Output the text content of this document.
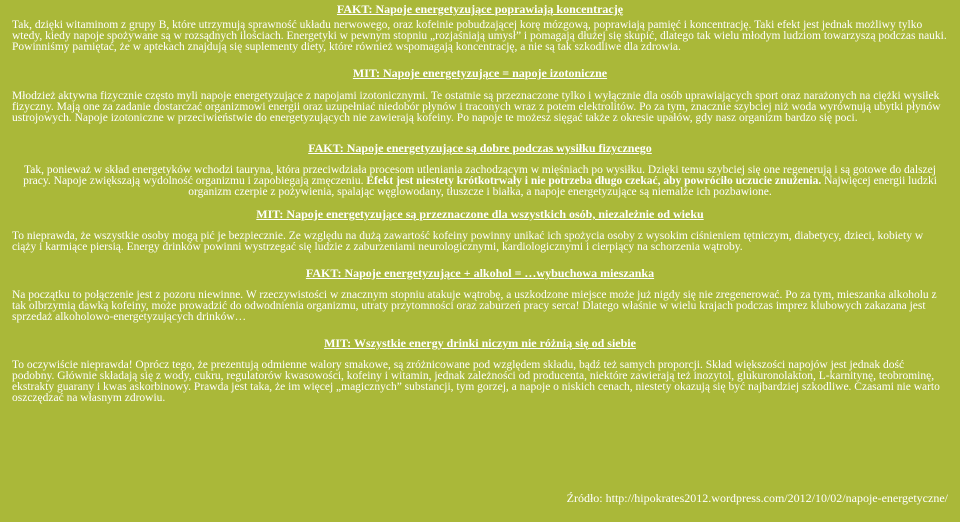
FAKT: Napoje energetyzujące poprawiają koncentrację

Tak, dzięki witaminom z grupy B, które utrzymują sprawność układu nerwowego, oraz kofeinie pobudzającej korę mózgową, poprawiają pamięć i koncentrację. Taki efekt jest jednak możliwy tylko wtedy, kiedy napoje spożywane są w rozsądnych ilościach. Energetyki w pewnym stopniu „rozjaśniają umysł” i pomagają dłużej się skupić, dlatego tak wielu młodym ludziom towarzyszą podczas nauki. Powinniśmy pamiętać, że w aptekach znajdują się suplementy diety, które również wspomagają koncentrację, a nie są tak szkodliwe dla zdrowia.

MIT: Napoje energetyzujące = napoje izotoniczne

Młodzież aktywna fizycznie często myli napoje energetyzujące z napojami izotonicznymi. Te ostatnie są przeznaczone tylko i wyłącznie dla osób uprawiających sport oraz narażonych na ciężki wysiłek fizyczny. Mają one za zadanie dostarczać organizmowi energii oraz uzupełniać niedobór płynów i traconych wraz z potem elektrolitów. Po za tym, znacznie szybciej niż woda wyrównują ubytki płynów ustrojowych. Napoje izotoniczne w przeciwieństwie do energetyzujących nie zawierają kofeiny. Po napoje te możesz sięgać także z okresie upałów, gdy nasz organizm bardzo się poci.

FAKT: Napoje energetyzujące są dobre podczas wysiłku fizycznego

Tak, ponieważ w skład energetyków wchodzi tauryna, która przeciwdziała procesom utleniania zachodzącym w mięśniach po wysiłku. Dzięki temu szybciej się one regenerują i są gotowe do dalszej pracy. Napoje zwiększają wydolność organizmu i zapobiegają zmęczeniu. Efekt jest niestety krótkotrwały i nie potrzeba długo czekać, aby powróciło uczucie znużenia. Najwięcej energii ludzki organizm czerpie z pożywienia, spalając węglowodany, tłuszcze i białka, a napoje energetyzujące są niemalże ich pozbawione.

MIT: Napoje energetyzujące są przeznaczone dla wszystkich osób, niezależnie od wieku

To nieprawda, że wszystkie osoby mogą pić je bezpiecznie. Ze względu na dużą zawartość kofeiny powinny unikać ich spożycia osoby z wysokim ciśnieniem tętniczym, diabetycy, dzieci, kobiety w ciąży i karmiące piersią. Energy drinków powinni wystrzegać się ludzie z zaburzeniami neurologicznymi, kardiologicznymi i cierpiący na schorzenia wątroby.

FAKT: Napoje energetyzujące + alkohol = …wybuchowa mieszanka

Na początku to połączenie jest z pozoru niewinne. W rzeczywistości w znacznym stopniu atakuje wątrobę, a uszkodzone miejsce może już nigdy się nie zregenerować. Po za tym, mieszanka alkoholu z tak olbrzymią dawką kofeiny, może prowadzić do odwodnienia organizmu, utraty przytomności oraz zaburzeń pracy serca! Dlatego właśnie w wielu krajach podczas imprez klubowych zakazana jest sprzedaż alkoholowo-energetyzujących drinków…

MIT: Wszystkie energy drinki niczym nie różnią się od siebie

To oczywiście nieprawda! Oprócz tego, że prezentują odmienne walory smakowe, są zróżnicowane pod względem składu, bądź też samych proporcji. Skład większości napojów jest jednak dość podobny. Głównie składają się z wody, cukru, regulatorów kwasowości, kofeiny i witamin, jednak zależności od producenta, niektóre zawierają też inozytol, glukuronolakton, L-karnitynę, teobrominę, ekstrakty guarany i kwas askorbinowy. Prawda jest taka, że im więcej „magicznych” substancji, tym gorzej, a napoje o niskich cenach, niestety okazują się być najbardziej szkodliwe. Czasami nie warto oszczędzać na własnym zdrowiu.

Źródło: http://hipokrates2012.wordpress.com/2012/10/02/napoje-energetyczne/
